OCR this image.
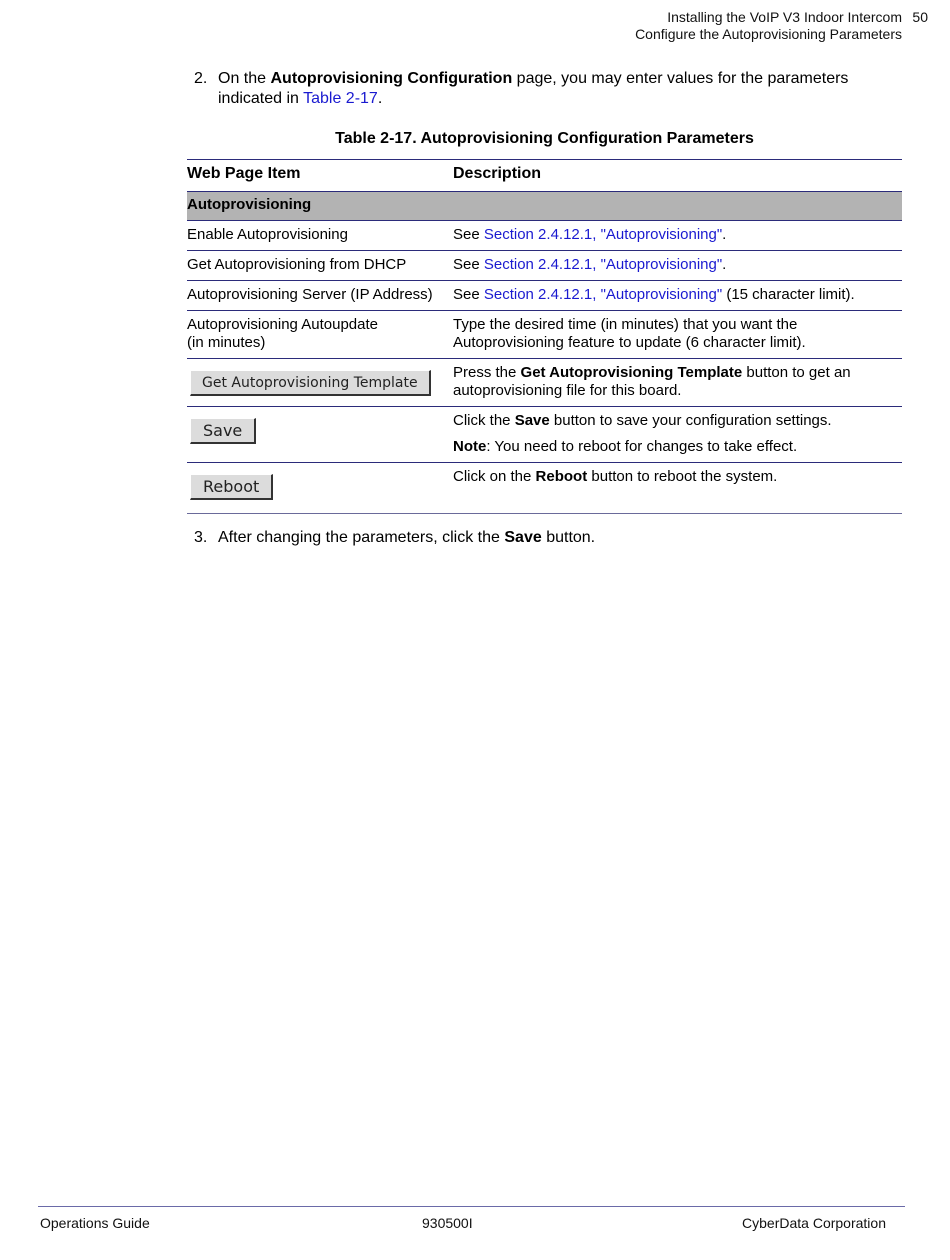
Installing the VoIP V3 Indoor Intercom
Configure the Autoprovisioning Parameters
50
2. On the Autoprovisioning Configuration page, you may enter values for the parameters indicated in Table 2-17.
Table 2-17. Autoprovisioning Configuration Parameters
Web Page Item	Description
Autoprovisioning	
Enable Autoprovisioning	See Section 2.4.12.1, "Autoprovisioning".
Get Autoprovisioning from DHCP	See Section 2.4.12.1, "Autoprovisioning".
Autoprovisioning Server (IP Address)	See Section 2.4.12.1, "Autoprovisioning" (15 character limit).

Autoprovisioning Autoupdate
(in minutes)	Type the desired time (in minutes) that you want the Autoprovisioning feature to update (6 character limit).
Get Autoprovisioning Template	Press the Get Autoprovisioning Template button to get an autoprovisioning file for this board.
Save	Click the Save button to save your configuration settings.

Note: You need to reboot for changes to take effect.

Reboot	Click on the Reboot button to reboot the system.
3. After changing the parameters, click the Save button.
Operations Guide	930500I	CyberData Corporation
